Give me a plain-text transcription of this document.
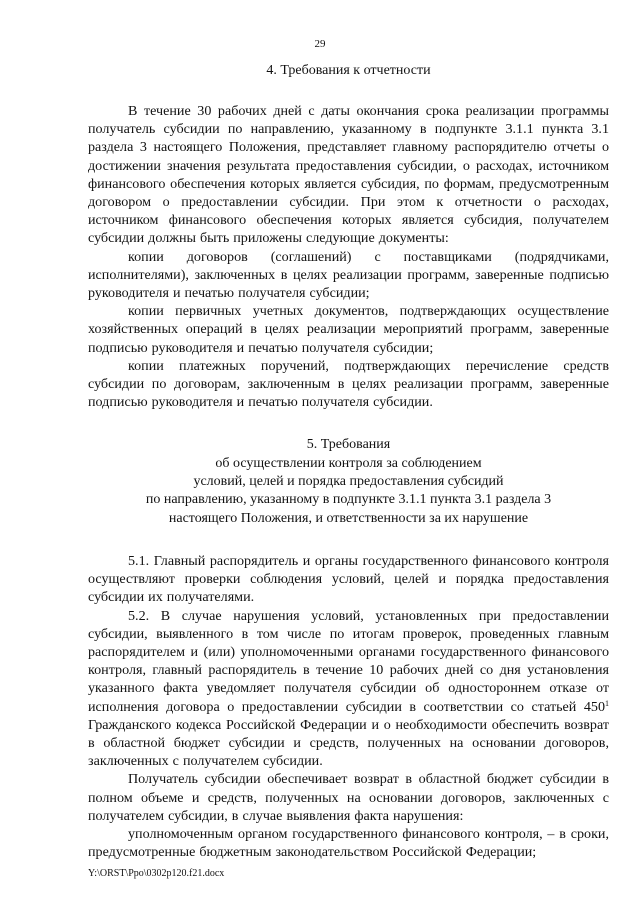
29

4. Требования к отчетности

В течение 30 рабочих дней с даты окончания срока реализации программы получатель субсидии по направлению, указанному в подпункте 3.1.1 пункта 3.1 раздела 3 настоящего Положения, представляет главному распорядителю отчеты о достижении значения результата предоставления субсидии, о расходах, источником финансового обеспечения которых является субсидия, по формам, предусмотренным договором о предоставлении субсидии. При этом к отчетности о расходах, источником финансового обеспечения которых является субсидия, получателем субсидии должны быть приложены следующие документы:

копии договоров (соглашений) с поставщиками (подрядчиками, исполнителями), заключенных в целях реализации программ, заверенные подписью руководителя и печатью получателя субсидии;

копии первичных учетных документов, подтверждающих осуществление хозяйственных операций в целях реализации мероприятий программ, заверенные подписью руководителя и печатью получателя субсидии;

копии платежных поручений, подтверждающих перечисление средств субсидии по договорам, заключенным в целях реализации программ, заверенные подписью руководителя и печатью получателя субсидии.

5. Требования

об осуществлении контроля за соблюдением

условий, целей и порядка предоставления субсидий

по направлению, указанному в подпункте 3.1.1 пункта 3.1 раздела 3

настоящего Положения, и ответственности за их нарушение

5.1. Главный распорядитель и органы государственного финансового контроля осуществляют проверки соблюдения условий, целей и порядка предоставления субсидии их получателями.

5.2. В случае нарушения условий, установленных при предоставлении субсидии, выявленного в том числе по итогам проверок, проведенных главным распорядителем и (или) уполномоченными органами государственного финансового контроля, главный распорядитель в течение 10 рабочих дней со дня установления указанного факта уведомляет получателя субсидии об одностороннем отказе от исполнения договора о предоставлении субсидии в соответствии со статьей $450^1$ Гражданского кодекса Российской Федерации и о необходимости обеспечить возврат в областной бюджет субсидии и средств, полученных на основании договоров, заключенных с получателем субсидии.

Получатель субсидии обеспечивает возврат в областной бюджет субсидии в полном объеме и средств, полученных на основании договоров, заключенных с получателем субсидии, в случае выявления факта нарушения:

уполномоченным органом государственного финансового контроля, – в сроки, предусмотренные бюджетным законодательством Российской Федерации;

Y:\ORST\Ppo\0302p120.f21.docx
